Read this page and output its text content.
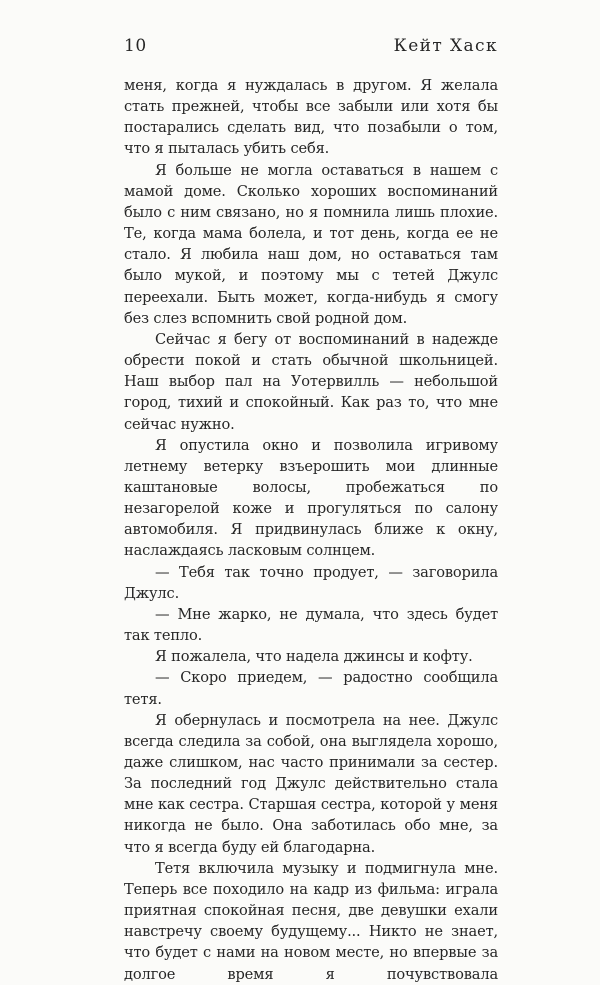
10	Кейт Хаск

меня, когда я нуждалась в другом. Я желала стать прежней, чтобы все забыли или хотя бы постарались сделать вид, что позабыли о том, что я пыталась убить себя.

Я больше не могла оставаться в нашем с мамой доме. Сколько хороших воспоминаний было с ним связано, но я помнила лишь плохие. Те, когда мама болела, и тот день, когда ее не стало. Я любила наш дом, но оставаться там было мукой, и поэтому мы с тетей Джулс переехали. Быть может, когда-нибудь я смогу без слез вспомнить свой родной дом.

Сейчас я бегу от воспоминаний в надежде обрести покой и стать обычной школьницей. Наш выбор пал на Уотервилль — небольшой город, тихий и спокойный. Как раз то, что мне сейчас нужно.

Я опустила окно и позволила игривому летнему ветерку взъерошить мои длинные каштановые волосы, пробежаться по незагорелой коже и прогуляться по салону автомобиля. Я придвинулась ближе к окну, наслаждаясь ласковым солнцем.

— Тебя так точно продует, — заговорила Джулс.

— Мне жарко, не думала, что здесь будет так тепло.

Я пожалела, что надела джинсы и кофту.

— Скоро приедем, — радостно сообщила тетя.

Я обернулась и посмотрела на нее. Джулс всегда следила за собой, она выглядела хорошо, даже слишком, нас часто принимали за сестер. За последний год Джулс действительно стала мне как сестра. Старшая сестра, которой у меня никогда не было. Она заботилась обо мне, за что я всегда буду ей благодарна.

Тетя включила музыку и подмигнула мне. Теперь все походило на кадр из фильма: играла приятная спокойная песня, две девушки ехали навстречу своему будущему... Никто не знает, что будет с нами на новом месте, но впервые за долгое время я почувствовала
